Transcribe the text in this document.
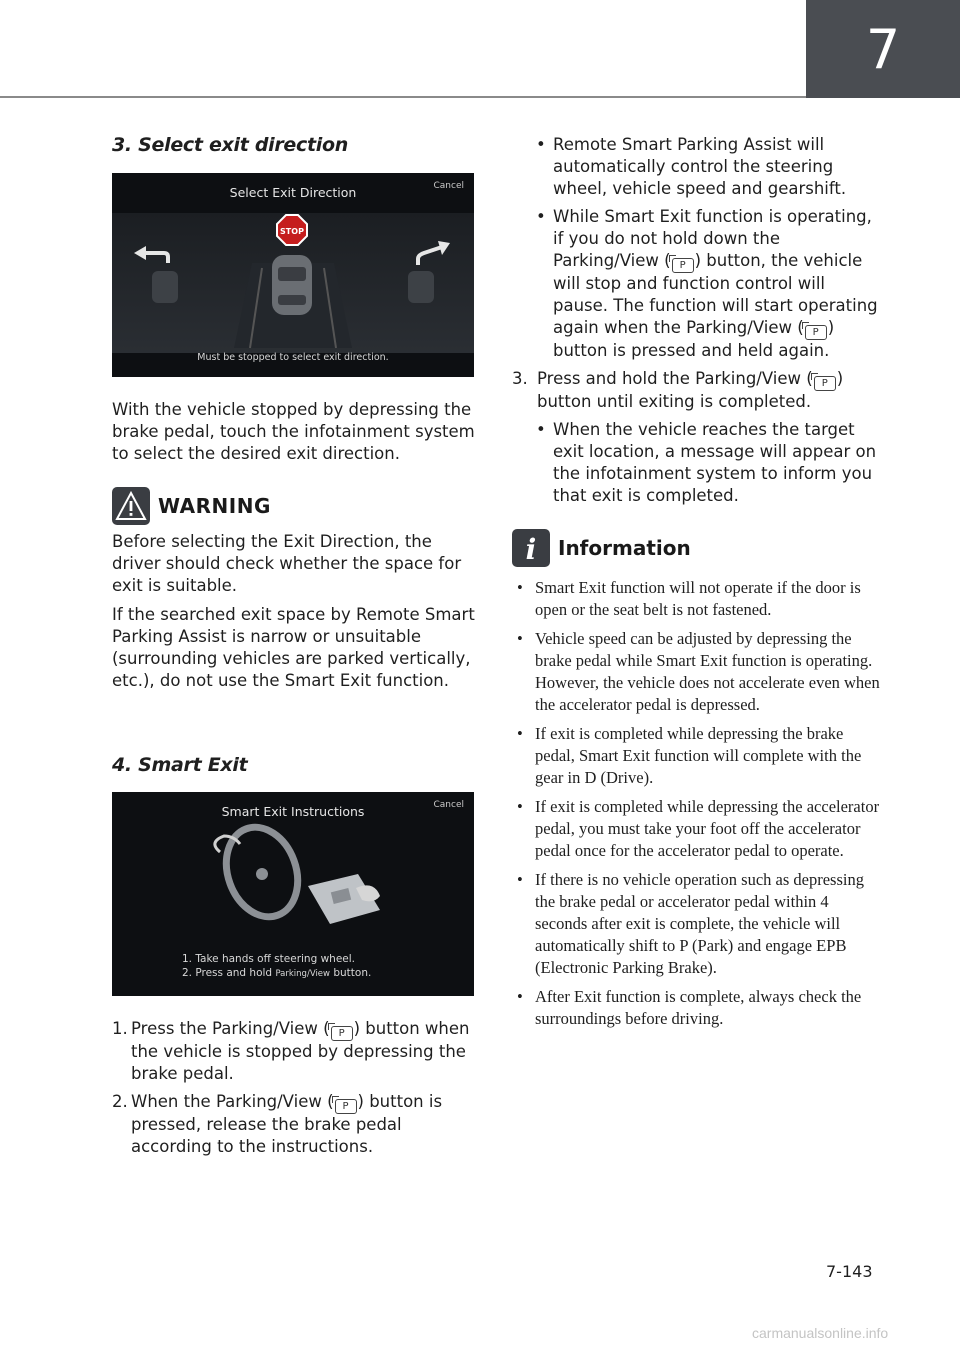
7
3. Select exit direction
STOP
Select Exit Direction	Cancel
Must be stopped to select exit direction.
With the vehicle stopped by depressing the brake pedal, touch the infotainment system to select the desired exit direction.
WARNING
Before selecting the Exit Direction, the driver should check whether the space for exit is suitable.
If the searched exit space by Remote Smart Parking Assist is narrow or unsuitable (surrounding vehicles are parked vertically, etc.), do not use the Smart Exit function.
4. Smart Exit
Smart Exit Instructions	Cancel
1. Take hands off steering wheel.
2. Press and hold Parking/View button.
1. Press the Parking/View ( P ) button when the vehicle is stopped by depressing the brake pedal.
2. When the Parking/View ( P ) button is pressed, release the brake pedal according to the instructions.
• Remote Smart Parking Assist will automatically control the steering wheel, vehicle speed and gearshift.
• While Smart Exit function is operating, if you do not hold down the Parking/View ( P ) button, the vehicle will stop and function control will pause. The function will start operating again when the Parking/View ( P ) button is pressed and held again.
3. Press and hold the Parking/View ( P ) button until exiting is completed.
• When the vehicle reaches the target exit location, a message will appear on the infotainment system to inform you that exit is completed.
i Information
• Smart Exit function will not operate if the door is open or the seat belt is not fastened.
• Vehicle speed can be adjusted by depressing the brake pedal while Smart Exit function is operating. However, the vehicle does not accelerate even when the accelerator pedal is depressed.
• If exit is completed while depressing the brake pedal, Smart Exit function will complete with the gear in D (Drive).
• If exit is completed while depressing the accelerator pedal, you must take your foot off the accelerator pedal once for the accelerator pedal to operate.
• If there is no vehicle operation such as depressing the brake pedal or accelerator pedal within 4 seconds after exit is complete, the vehicle will automatically shift to P (Park) and engage EPB (Electronic Parking Brake).
• After Exit function is complete, always check the surroundings before driving.
7-143
carmanualsonline.info
